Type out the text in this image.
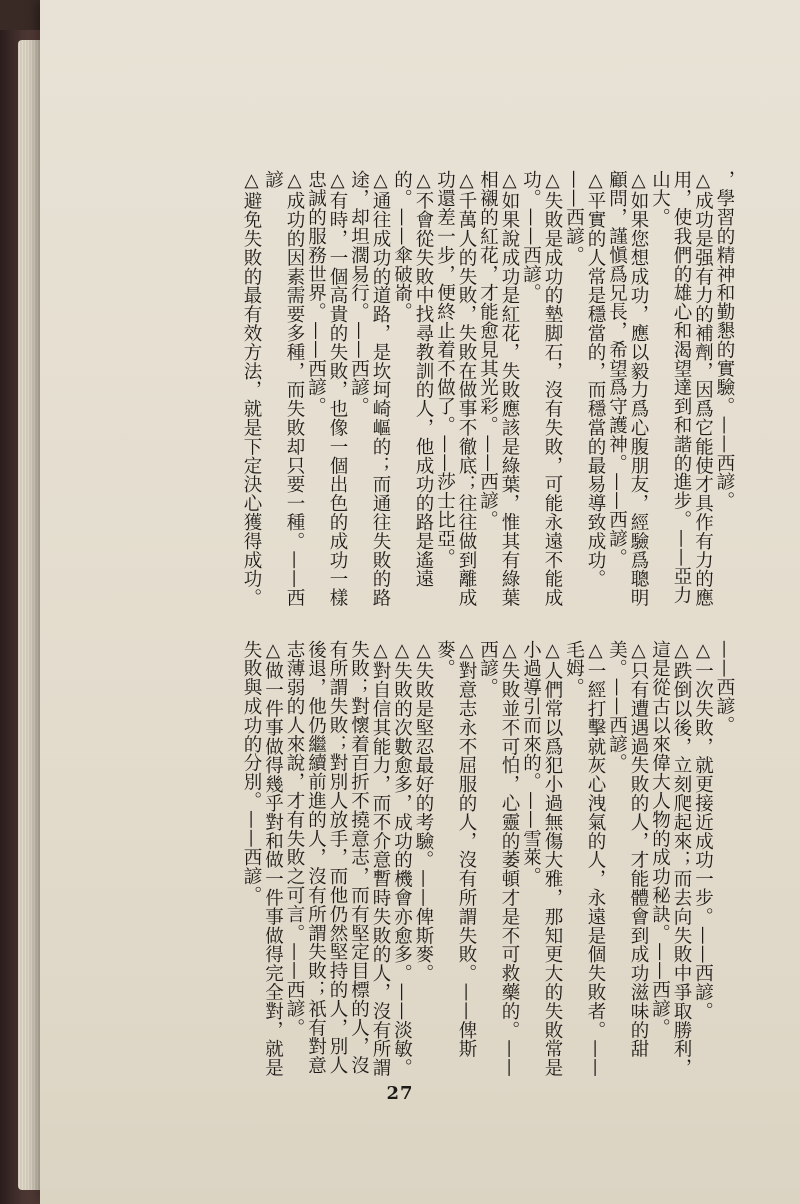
，學習的精神和勤懇的實驗。——西諺。

△成功是强有力的補劑，因爲它能使才具作有力的應用，使我們的雄心和渴望達到和諧的進步。——亞力山大。

△如果您想成功，應以毅力爲心腹朋友，經驗爲聰明顧問，謹愼爲兄長，希望爲守護神。——西諺。

△平實的人常是穩當的，而穩當的最易導致成功。——西諺。

△失敗是成功的墊脚石，沒有失敗，可能永遠不能成功。——西諺。

△如果說成功是紅花，失敗應該是綠葉，惟其有綠葉相襯的紅花，才能愈見其光彩。——西諺。

△千萬人的失敗，失敗在做事不徹底；往往做到離成功還差一步，便終止着不做了。——莎士比亞。

△不會從失敗中找尋教訓的人，他成功的路是遙遠的。——傘破嵛。

△通往成功的道路，是坎坷崎嶇的；而通往失敗的路途，却坦濶易行。——西諺。

△有時，一個高貴的失敗，也像一個出色的成功一樣忠誠的服務世界。——西諺。

△成功的因素需要多種，而失敗却只要一種。——西諺

△避免失敗的最有效方法，就是下定決心獲得成功。

——西諺。

△一次失敗，就更接近成功一步。——西諺。

△跌倒以後，立刻爬起來；而去向失敗中爭取勝利，這是從古以來偉大人物的成功秘訣。——西諺。

△只有遭遇過失敗的人，才能體會到成功滋味的甜美。——西諺。

△一經打擊就灰心洩氣的人，永遠是個失敗者。——毛姆。

△人們常以爲犯小過無傷大雅，那知更大的失敗常是小過導引而來的。——雪萊。

△失敗並不可怕，心靈的萎頓才是不可救藥的。——西諺。

△對意志永不屈服的人，沒有所謂失敗。——俾斯麥。

△失敗是堅忍最好的考驗。——俾斯麥。

△失敗的次數愈多，成功的機會亦愈多。——淡敏。

△對自信其能力，而不介意暫時失敗的人，沒有所謂失敗；對懷着百折不撓意志，而有堅定目標的人，沒有所謂失敗；對別人放手，而他仍然堅持的人，別人後退，他仍繼續前進的人，沒有所謂失敗；祇有對意志薄弱的人來說，才有失敗之可言。——西諺。

△做一件事做得幾乎對和做一件事做得完全對，就是失敗與成功的分別。——西諺。

27
